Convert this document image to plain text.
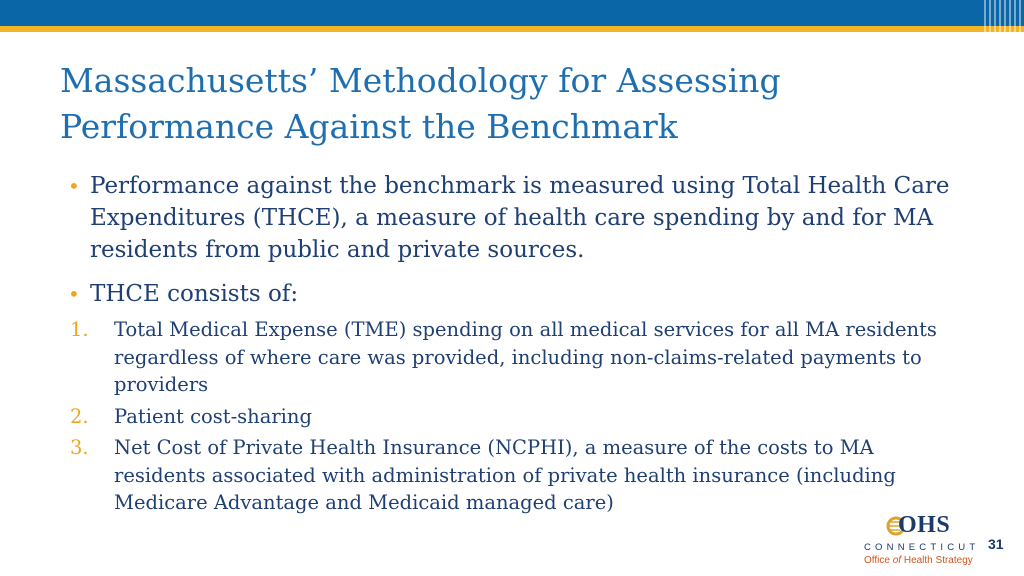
Massachusetts’ Methodology for Assessing
Performance Against the Benchmark
• Performance against the benchmark is measured using Total Health Care Expenditures (THCE), a measure of health care spending by and for MA residents from public and private sources.
• THCE consists of:
1. Total Medical Expense (TME) spending on all medical services for all MA residents regardless of where care was provided, including non-claims-related payments to providers
2. Patient cost-sharing
3. Net Cost of Private Health Insurance (NCPHI), a measure of the costs to MA residents associated with administration of private health insurance (including Medicare Advantage and Medicaid managed care)
OHS
CONNECTICUT
Office of Health Strategy
31
